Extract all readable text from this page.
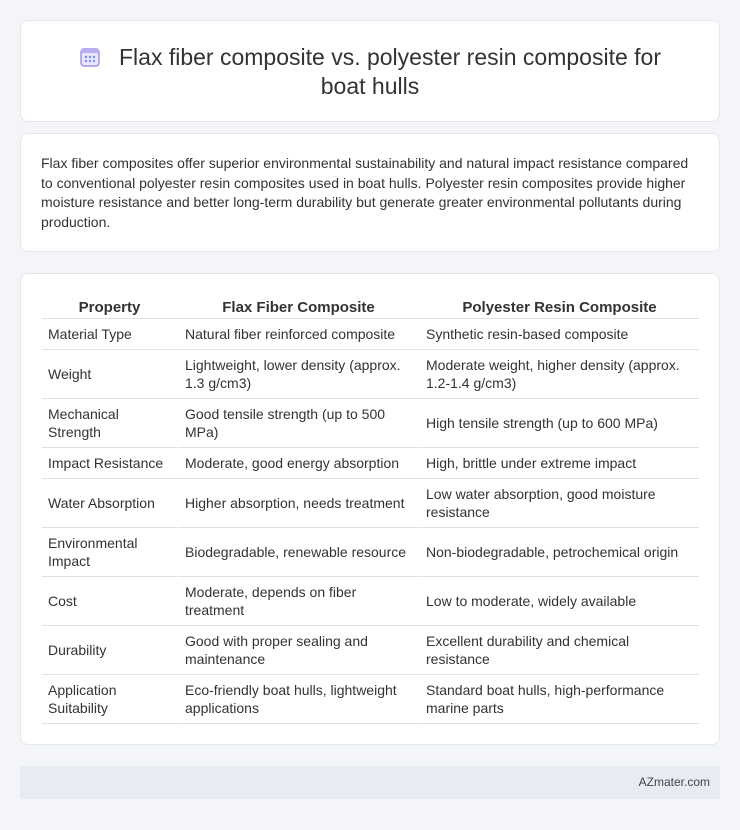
Flax fiber composite vs. polyester resin composite for boat hulls

Flax fiber composites offer superior environmental sustainability and natural impact resistance compared to conventional polyester resin composites used in boat hulls. Polyester resin composites provide higher moisture resistance and better long-term durability but generate greater environmental pollutants during production.

Property	Flax Fiber Composite	Polyester Resin Composite
Material Type	Natural fiber reinforced composite	Synthetic resin-based composite
Weight	Lightweight, lower density (approx. 1.3 g/cm3)	Moderate weight, higher density (approx. 1.2-1.4 g/cm3)
Mechanical Strength	Good tensile strength (up to 500 MPa)	High tensile strength (up to 600 MPa)
Impact Resistance	Moderate, good energy absorption	High, brittle under extreme impact
Water Absorption	Higher absorption, needs treatment	Low water absorption, good moisture resistance
Environmental Impact	Biodegradable, renewable resource	Non-biodegradable, petrochemical origin
Cost	Moderate, depends on fiber treatment	Low to moderate, widely available
Durability	Good with proper sealing and maintenance	Excellent durability and chemical resistance
Application Suitability	Eco-friendly boat hulls, lightweight applications	Standard boat hulls, high-performance marine parts
AZmater.com
